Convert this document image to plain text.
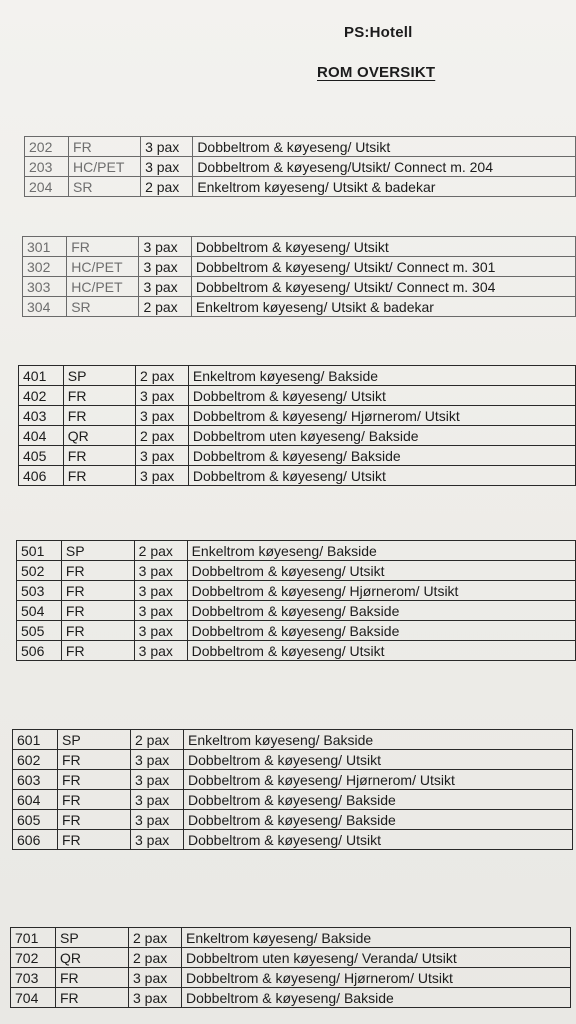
PS:Hotell
ROM OVERSIKT
202	FR	3 pax	Dobbeltrom & køyeseng/ Utsikt
203	HC/PET	3 pax	Dobbeltrom & køyeseng/Utsikt/ Connect m. 204
204	SR	2 pax	Enkeltrom køyeseng/ Utsikt & badekar
301	FR	3 pax	Dobbeltrom & køyeseng/ Utsikt
302	HC/PET	3 pax	Dobbeltrom & køyeseng/ Utsikt/ Connect m. 301
303	HC/PET	3 pax	Dobbeltrom & køyeseng/ Utsikt/ Connect m. 304
304	SR	2 pax	Enkeltrom køyeseng/ Utsikt & badekar
401	SP	2 pax	Enkeltrom køyeseng/ Bakside
402	FR	3 pax	Dobbeltrom & køyeseng/ Utsikt
403	FR	3 pax	Dobbeltrom & køyeseng/ Hjørnerom/ Utsikt
404	QR	2 pax	Dobbeltrom uten køyeseng/ Bakside
405	FR	3 pax	Dobbeltrom & køyeseng/ Bakside
406	FR	3 pax	Dobbeltrom & køyeseng/ Utsikt
501	SP	2 pax	Enkeltrom køyeseng/ Bakside
502	FR	3 pax	Dobbeltrom & køyeseng/ Utsikt
503	FR	3 pax	Dobbeltrom & køyeseng/ Hjørnerom/ Utsikt
504	FR	3 pax	Dobbeltrom & køyeseng/ Bakside
505	FR	3 pax	Dobbeltrom & køyeseng/ Bakside
506	FR	3 pax	Dobbeltrom & køyeseng/ Utsikt
601	SP	2 pax	Enkeltrom køyeseng/ Bakside
602	FR	3 pax	Dobbeltrom & køyeseng/ Utsikt
603	FR	3 pax	Dobbeltrom & køyeseng/ Hjørnerom/ Utsikt
604	FR	3 pax	Dobbeltrom & køyeseng/ Bakside
605	FR	3 pax	Dobbeltrom & køyeseng/ Bakside
606	FR	3 pax	Dobbeltrom & køyeseng/ Utsikt
701	SP	2 pax	Enkeltrom køyeseng/ Bakside
702	QR	2 pax	Dobbeltrom uten køyeseng/ Veranda/ Utsikt
703	FR	3 pax	Dobbeltrom & køyeseng/ Hjørnerom/ Utsikt
704	FR	3 pax	Dobbeltrom & køyeseng/ Bakside
